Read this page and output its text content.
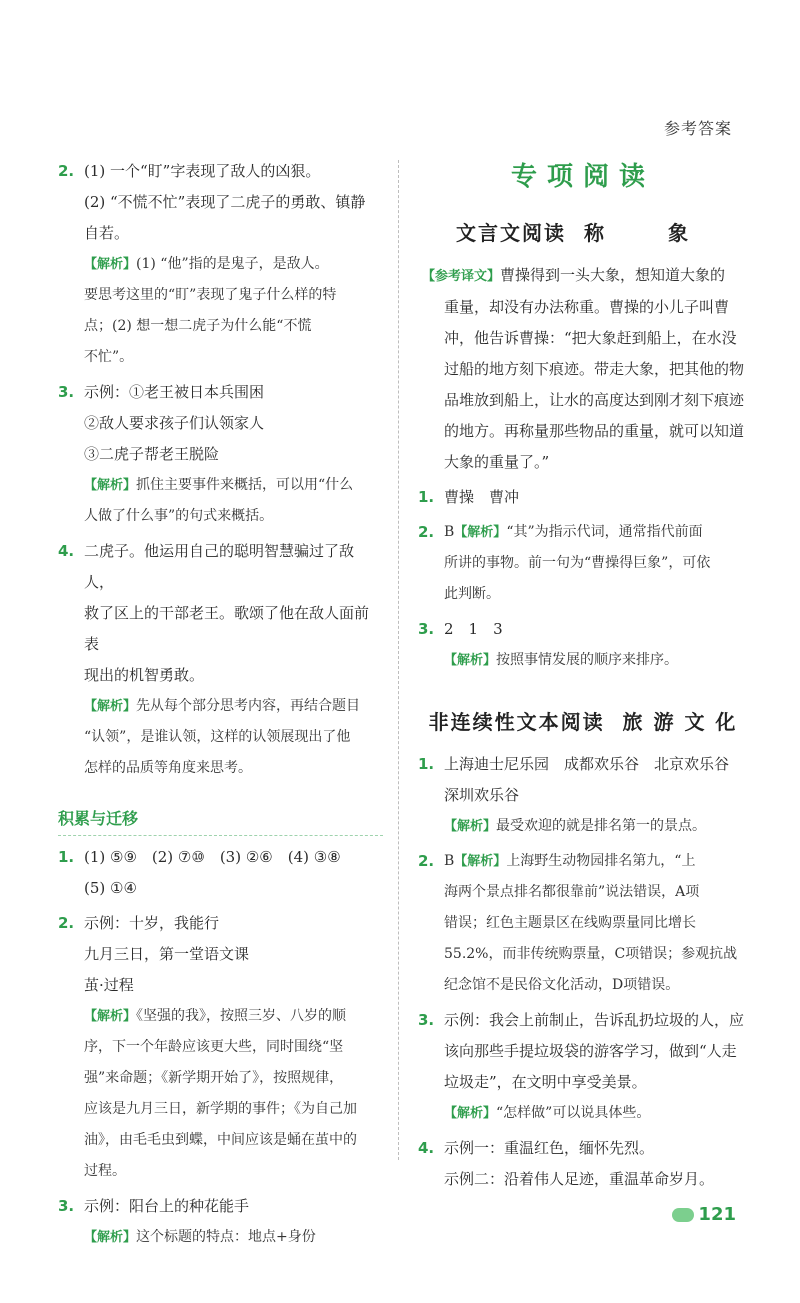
参考答案
2. (1) 一个“盯”字表现了敌人的凶狠。
(2) “不慌不忙”表现了二虎子的勇敢、镇静
自若。
【解析】(1) “他”指的是鬼子，是敌人。
要思考这里的“盯”表现了鬼子什么样的特
点；(2) 想一想二虎子为什么能“不慌
不忙”。
3. 示例：①老王被日本兵围困
②敌人要求孩子们认领家人
③二虎子帮老王脱险
【解析】抓住主要事件来概括，可以用“什么
人做了什么事”的句式来概括。
4. 二虎子。他运用自己的聪明智慧骗过了敌人，
救了区上的干部老王。歌颂了他在敌人面前表
现出的机智勇敢。
【解析】先从每个部分思考内容，再结合题目
“认领”，是谁认领，这样的认领展现出了他
怎样的品质等角度来思考。
积累与迁移
1. (1) ⑤⑨　(2) ⑦⑩　(3) ②⑥　(4) ③⑧
(5) ①④
2. 示例：十岁，我能行
九月三日，第一堂语文课
茧·过程
【解析】《坚强的我》，按照三岁、八岁的顺
序，下一个年龄应该更大些，同时围绕“坚
强”来命题；《新学期开始了》，按照规律，
应该是九月三日，新学期的事件；《为自己加
油》，由毛毛虫到蝶，中间应该是蛹在茧中的
过程。
3. 示例：阳台上的种花能手
【解析】这个标题的特点：地点+身份
专项阅读
文言文阅读 称　象
【参考译文】曹操得到一头大象，想知道大象的
重量，却没有办法称重。曹操的小儿子叫曹
冲，他告诉曹操：“把大象赶到船上，在水没
过船的地方刻下痕迹。带走大象，把其他的物
品堆放到船上，让水的高度达到刚才刻下痕迹
的地方。再称量那些物品的重量，就可以知道
大象的重量了。”
1. 曹操　曹冲
2. B【解析】“其”为指示代词，通常指代前面
所讲的事物。前一句为“曹操得巨象”，可依
此判断。
3. 2　1　3
【解析】按照事情发展的顺序来排序。
非连续性文本阅读 旅 游 文 化
1. 上海迪士尼乐园　成都欢乐谷　北京欢乐谷
深圳欢乐谷
【解析】最受欢迎的就是排名第一的景点。
2. B【解析】上海野生动物园排名第九，“上
海两个景点排名都很靠前”说法错误，A项
错误；红色主题景区在线购票量同比增长
55.2%，而非传统购票量，C项错误；参观抗战
纪念馆不是民俗文化活动，D项错误。
3. 示例：我会上前制止，告诉乱扔垃圾的人，应
该向那些手提垃圾袋的游客学习，做到“人走
垃圾走”，在文明中享受美景。
【解析】“怎样做”可以说具体些。
4. 示例一：重温红色，缅怀先烈。
示例二：沿着伟人足迹，重温革命岁月。
121
